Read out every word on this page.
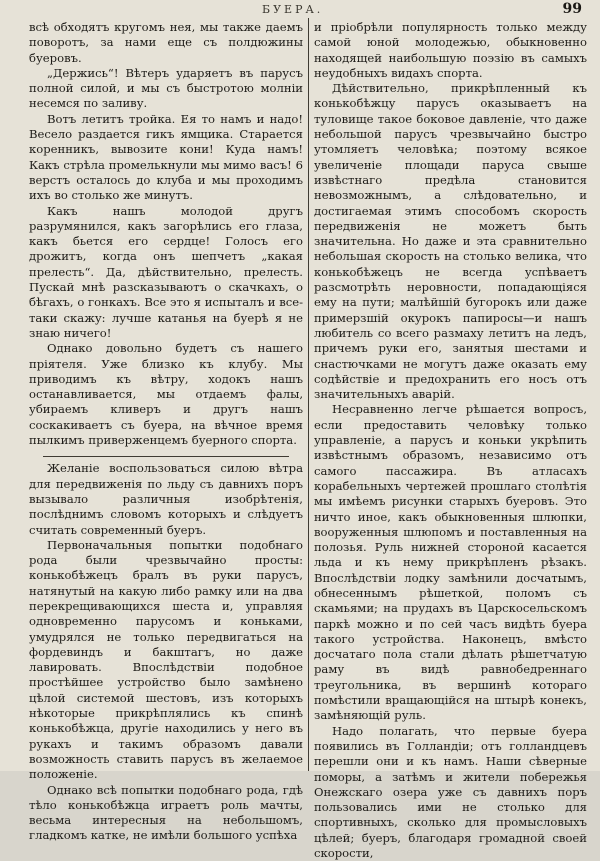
БУЕРА.	99

всѣ обходятъ кругомъ нея, мы также даемъ поворотъ, за нами еще съ полдюжины буеровъ.

„Держись“! Вѣтеръ ударяетъ въ парусъ полной силой, и мы съ быстротою молніи несемся по заливу.

Вотъ летитъ тройка. Ея то намъ и надо! Весело раздается гикъ ямщика. Старается коренникъ, вывозите кони! Куда намъ! Какъ стрѣла промелькнули мы мимо васъ! 6 верстъ осталось до клуба и мы проходимъ ихъ во столько же минутъ.

Какъ нашъ молодой другъ разрумянился, какъ загорѣлись его глаза, какъ бьется его сердце! Голосъ его дрожитъ, когда онъ шепчетъ „какая прелесть“. Да, дѣйствительно, прелесть. Пускай мнѣ разсказываютъ о скачкахъ, о бѣгахъ, о гонкахъ. Все это я испыталъ и все-таки скажу: лучше катанья на буерѣ я не знаю ничего!

Однако довольно будетъ съ нашего пріятеля. Уже близко къ клубу. Мы приводимъ къ вѣтру, ходокъ нашъ останавливается, мы отдаемъ фалы, убираемъ кливеръ и другъ нашъ соскакиваетъ съ буера, на вѣчное время пылкимъ приверженцемъ буерного спорта.

Желаніе воспользоваться силою вѣтра для передвиженія по льду съ давнихъ поръ вызывало различныя изобрѣтенія, послѣднимъ словомъ которыхъ и слѣдуетъ считать современный буеръ.

Первоначальныя попытки подобнаго рода были чрезвычайно просты: конькобѣжецъ бралъ въ руки парусъ, натянутый на какую либо рамку или на два перекрещивающихся шеста и, управляя одновременно парусомъ и коньками, умудрялся не только передвигаться на фордевиндъ и бакштагъ, но даже лавировать. Впослѣдствіи подобное простѣйшее устройство было замѣнено цѣлой системой шестовъ, изъ которыхъ нѣкоторые прикрѣплялись къ спинѣ конькобѣжца, другіе находились у него въ рукахъ и такимъ образомъ давали возможность ставить парусъ въ желаемое положеніе.

Однако всѣ попытки подобнаго рода, гдѣ тѣло конькобѣжца играетъ роль мачты, весьма интересныя на небольшомъ, гладкомъ катке, не имѣли большого успѣха

и пріобрѣли популярность только между самой юной молодежью, обыкновенно находящей наибольшую поэзію въ самыхъ неудобныхъ видахъ спорта.

Дѣйствительно, прикрѣпленный къ конькобѣжцу парусъ оказываетъ на туловище такое боковое давленіе, что даже небольшой парусъ чрезвычайно быстро утомляетъ человѣка; поэтому всякое увеличеніе площади паруса свыше извѣстнаго предѣла становится невозможнымъ, а слѣдовательно, и достигаемая этимъ способомъ скорость передвиженія не можетъ быть значительна. Но даже и эта сравнительно небольшая скорость на столько велика, что конькобѣжецъ не всегда успѣваетъ разсмотрѣть неровности, попадающіяся ему на пути; малѣйшій бугорокъ или даже примерзшій окурокъ папиросы—и нашъ любитель со всего размаху летитъ на ледъ, причемъ руки его, занятыя шестами и снастючками не могутъ даже оказать ему содѣйствіе и предохранить его носъ отъ значительныхъ аварій.

Несравненно легче рѣшается вопросъ, если предоставить человѣку только управленіе, а парусъ и коньки укрѣпить извѣстнымъ образомъ, независимо отъ самого пассажира. Въ атласахъ корабельныхъ чертежей прошлаго столѣтія мы имѣемъ рисунки старыхъ буеровъ. Это ничто иное, какъ обыкновенныя шлюпки, вооруженныя шлюпомъ и поставленныя на полозья. Руль нижней стороной касается льда и къ нему прикрѣпленъ рѣзакъ. Впослѣдствіи лодку замѣнили досчатымъ, обнесеннымъ рѣшеткой, поломъ съ скамьями; на прудахъ въ Царскосельскомъ паркѣ можно и по сей часъ видѣть буера такого устройства. Наконецъ, вмѣсто досчатаго пола стали дѣлать рѣшетчатую раму въ видѣ равнобедреннаго треугольника, въ вершинѣ котораго помѣстили вращающійся на штырѣ конекъ, замѣняющій руль.

Надо полагать, что первые буера появились въ Голландіи; отъ голландцевъ перешли они и къ намъ. Наши сѣверные поморы, а затѣмъ и жители побережья Онежскаго озера уже съ давнихъ поръ пользовались ими не столько для спортивныхъ, сколько для промысловыхъ цѣлей; буеръ, благодаря громадной своей скорости,
